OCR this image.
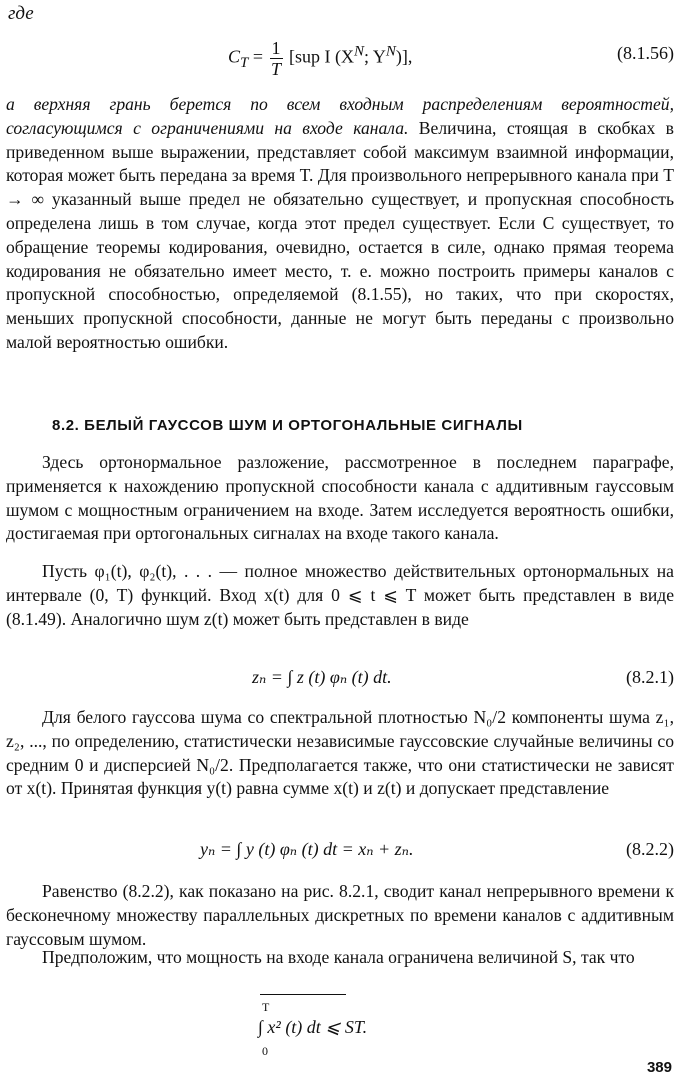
где
$C_T = \frac{1}{T} [sup$ I ($X^N$; $Y^N$)],	(8.1.56)
а верхняя грань берется по всем входным распределениям вероятностей, согласующимся с ограничениями на входе канала. Величина, стоящая в скобках в приведенном выше выражении, представляет собой максимум взаимной информации, которая может быть передана за время T. Для произвольного непрерывного канала при T → ∞ указанный выше предел не обязательно существует, и пропускная способность определена лишь в том случае, когда этот предел существует. Если C существует, то обращение теоремы кодирования, очевидно, остается в силе, однако прямая теорема кодирования не обязательно имеет место, т. е. можно построить примеры каналов с пропускной способностью, определяемой (8.1.55), но таких, что при скоростях, меньших пропускной способности, данные не могут быть переданы с произвольно малой вероятностью ошибки.
8.2. БЕЛЫЙ ГАУССОВ ШУМ И ОРТОГОНАЛЬНЫЕ СИГНАЛЫ
Здесь ортонормальное разложение, рассмотренное в последнем параграфе, применяется к нахождению пропускной способности канала с аддитивным гауссовым шумом с мощностным ограничением на входе. Затем исследуется вероятность ошибки, достигаемая при ортогональных сигналах на входе такого канала.
Пусть φ₁(t), φ₂(t), . . . — полное множество действительных ортонормальных на интервале (0, T) функций. Вход x(t) для 0 ⩽ t ⩽ T может быть представлен в виде (8.1.49). Аналогично шум z(t) может быть представлен в виде
zₙ = ∫ z (t) φₙ (t) dt.	(8.2.1)
Для белого гауссова шума со спектральной плотностью N₀/2 компоненты шума z₁, z₂, ..., по определению, статистически независимые гауссовские случайные величины со средним 0 и дисперсией N₀/2. Предполагается также, что они статистически не зависят от x(t). Принятая функция y(t) равна сумме x(t) и z(t) и допускает представление
yₙ = ∫ y (t) φₙ (t) dt = xₙ + zₙ.	(8.2.2)
Равенство (8.2.2), как показано на рис. 8.2.1, сводит канал непрерывного времени к бесконечному множеству параллельных дискретных по времени каналов с аддитивным гауссовым шумом.
Предположим, что мощность на входе канала ограничена величиной S, так что
T
0
∫ x² (t) dt ⩽ ST.
389
